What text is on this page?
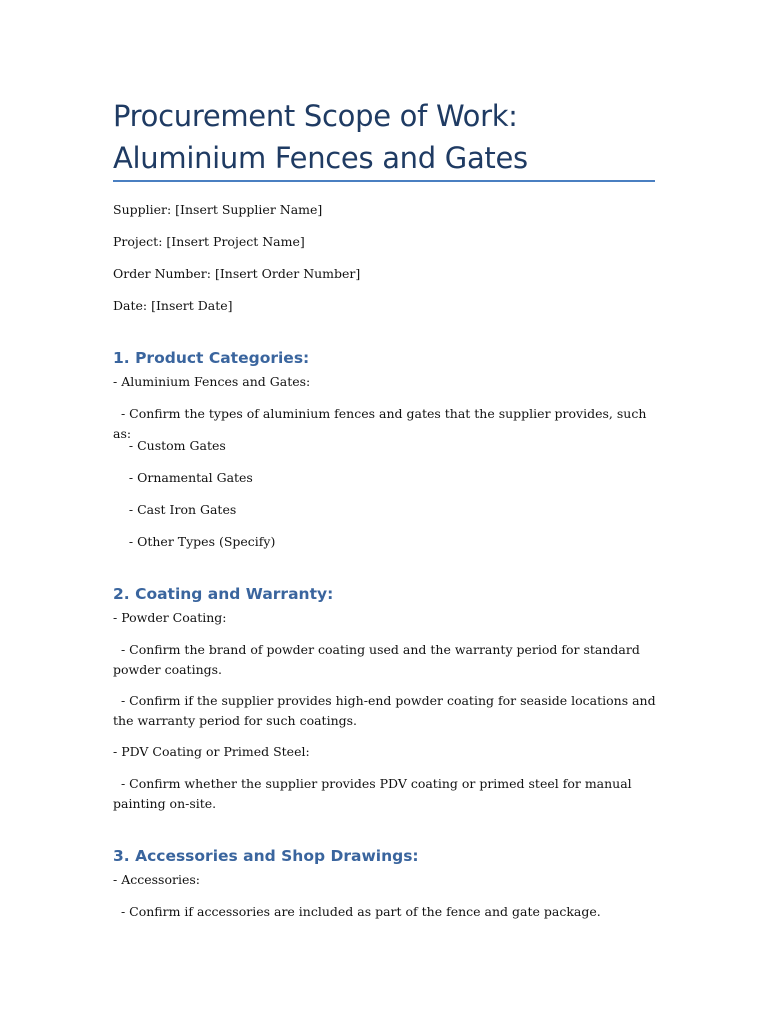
Procurement Scope of Work:
Aluminium Fences and Gates

Supplier: [Insert Supplier Name]

Project: [Insert Project Name]

Order Number: [Insert Order Number]

Date: [Insert Date]

1. Product Categories:

- Aluminium Fences and Gates:

- Confirm the types of aluminium fences and gates that the supplier provides, such as:

- Custom Gates

- Ornamental Gates

- Cast Iron Gates

- Other Types (Specify)

2. Coating and Warranty:

- Powder Coating:

- Confirm the brand of powder coating used and the warranty period for standard powder coatings.

- Confirm if the supplier provides high-end powder coating for seaside locations and the warranty period for such coatings.

- PDV Coating or Primed Steel:

- Confirm whether the supplier provides PDV coating or primed steel for manual painting on-site.

3. Accessories and Shop Drawings:

- Accessories:

- Confirm if accessories are included as part of the fence and gate package.
